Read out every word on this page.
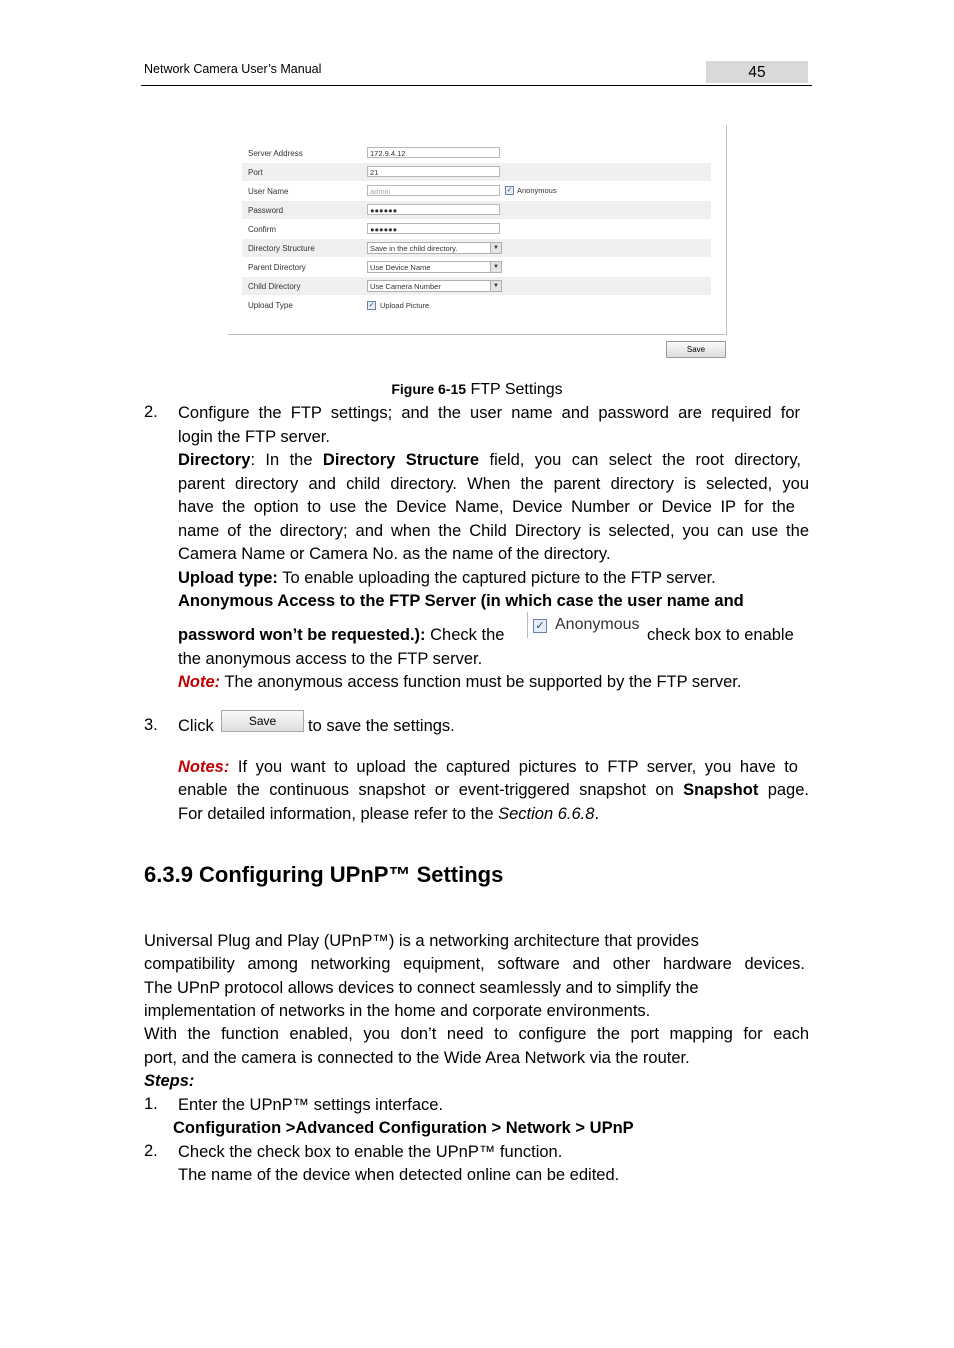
Network Camera User’s Manual	45
Server Address	172.9.4.12
Port	21
User Name	admin	✓ Anonymous
Password	●●●●●●
Confirm	●●●●●●
Directory Structure	Save in the child directory.	▼
Parent Directory	Use Device Name	▼
Child Directory	Use Camera Number	▼
Upload Type	✓ Upload Picture
Save
Figure 6-15 FTP Settings
2. Configure the FTP settings; and the user name and password are required for
login the FTP server.
Directory: In the Directory Structure field, you can select the root directory,
parent directory and child directory. When the parent directory is selected, you
have the option to use the Device Name, Device Number or Device IP for the
name of the directory; and when the Child Directory is selected, you can use the
Camera Name or Camera No. as the name of the directory.
Upload type: To enable uploading the captured picture to the FTP server.
Anonymous Access to the FTP Server (in which case the user name and
password won’t be requested.): Check the	✓ Anonymous
check box to enable
the anonymous access to the FTP server.
Note: The anonymous access function must be supported by the FTP server.
3. Click	Save	to save the settings.
Notes: If you want to upload the captured pictures to FTP server, you have to
enable the continuous snapshot or event-triggered snapshot on Snapshot page.
For detailed information, please refer to the Section 6.6.8.
6.3.9 Configuring UPnP™ Settings
Universal Plug and Play (UPnP™) is a networking architecture that provides
compatibility among networking equipment, software and other hardware devices.
The UPnP protocol allows devices to connect seamlessly and to simplify the
implementation of networks in the home and corporate environments.
With the function enabled, you don’t need to configure the port mapping for each
port, and the camera is connected to the Wide Area Network via the router.
Steps:
1. Enter the UPnP™ settings interface.
Configuration >Advanced Configuration > Network > UPnP
2. Check the check box to enable the UPnP™ function.
The name of the device when detected online can be edited.
